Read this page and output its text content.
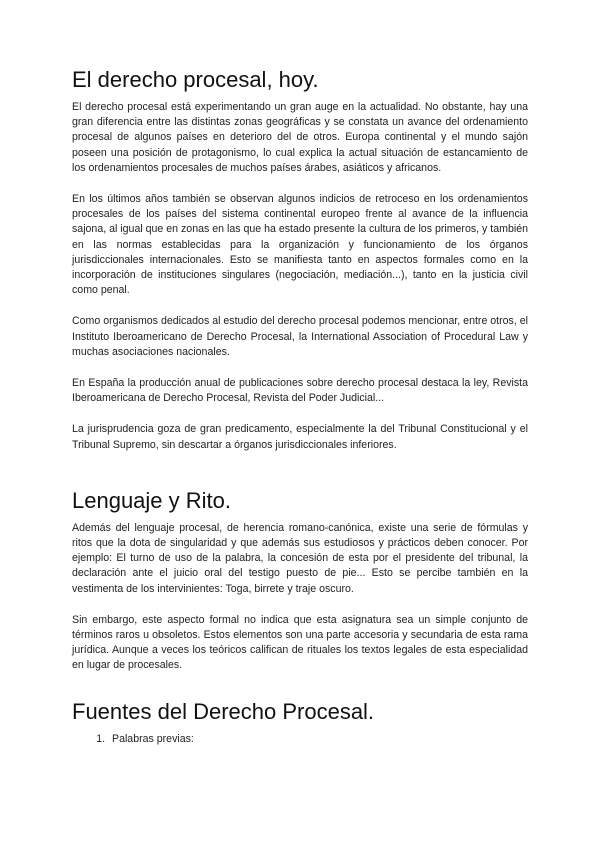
El derecho procesal, hoy.

El derecho procesal está experimentando un gran auge en la actualidad. No obstante, hay una gran diferencia entre las distintas zonas geográficas y se constata un avance del ordenamiento procesal de algunos países en deterioro del de otros. Europa continental y el mundo sajón poseen una posición de protagonismo, lo cual explica la actual situación de estancamiento de los ordenamientos procesales de muchos países árabes, asiáticos y africanos.

En los últimos años también se observan algunos indicios de retroceso en los ordenamientos procesales de los países del sistema continental europeo frente al avance de la influencia sajona, al igual que en zonas en las que ha estado presente la cultura de los primeros, y también en las normas establecidas para la organización y funcionamiento de los órganos jurisdiccionales internacionales. Esto se manifiesta tanto en aspectos formales como en la incorporación de instituciones singulares (negociación, mediación...), tanto en la justicia civil como penal.

Como organismos dedicados al estudio del derecho procesal podemos mencionar, entre otros, el Instituto Iberoamericano de Derecho Procesal, la International Association of Procedural Law y muchas asociaciones nacionales.

En España la producción anual de publicaciones sobre derecho procesal destaca la ley, Revista Iberoamericana de Derecho Procesal, Revista del Poder Judicial...

La jurisprudencia goza de gran predicamento, especialmente la del Tribunal Constitucional y el Tribunal Supremo, sin descartar a órganos jurisdiccionales inferiores.

Lenguaje y Rito.

Además del lenguaje procesal, de herencia romano-canónica, existe una serie de fórmulas y ritos que la dota de singularidad y que además sus estudiosos y prácticos deben conocer. Por ejemplo: El turno de uso de la palabra, la concesión de esta por el presidente del tribunal, la declaración ante el juicio oral del testigo puesto de pie... Esto se percibe también en la vestimenta de los intervinientes: Toga, birrete y traje oscuro.

Sin embargo, este aspecto formal no indica que esta asignatura sea un simple conjunto de términos raros u obsoletos. Estos elementos son una parte accesoria y secundaria de esta rama jurídica. Aunque a veces los teóricos califican de rituales los textos legales de esta especialidad en lugar de procesales.

Fuentes del Derecho Procesal.
1. Palabras previas:
